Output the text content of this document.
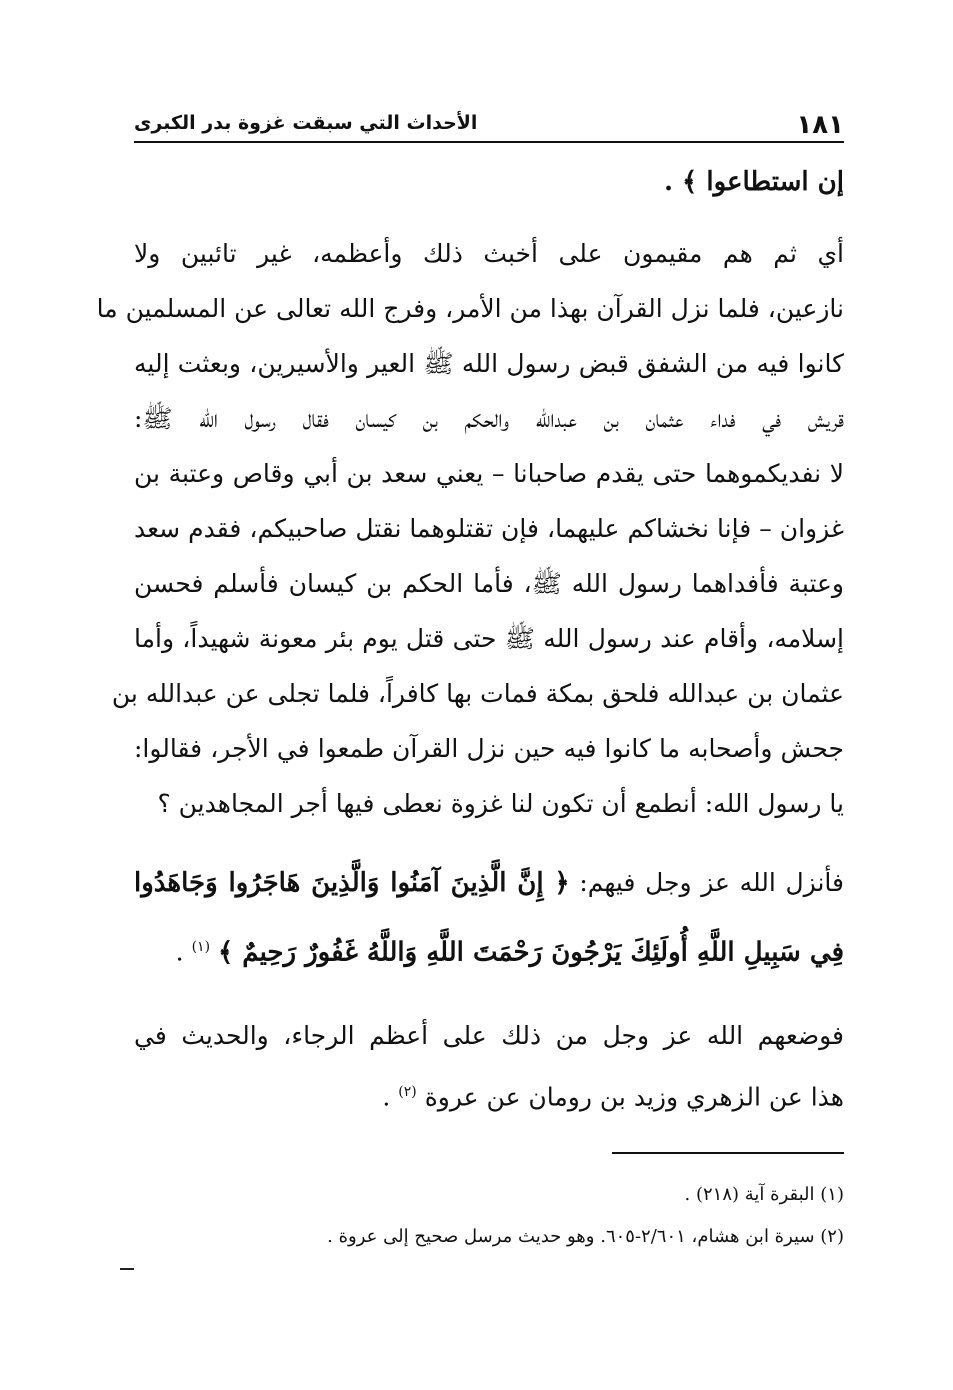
١٨١
الأحداث التي سبقت غزوة بدر الكبرى
إن استطاعوا ﴾ .
أي ثم هم مقيمون على أخبث ذلك وأعظمه، غير تائبين ولا
نازعين، فلما نزل القرآن بهذا من الأمر، وفرج الله تعالى عن المسلمين ما
كانوا فيه من الشفق قبض رسول الله ﷺ العير والأسيرين، وبعثت إليه
قريش في فداء عثمان بن عبدالله والحكم بن كيسان فقال رسول الله ﷺ:
لا نفديكموهما حتى يقدم صاحبانا – يعني سعد بن أبي وقاص وعتبة بن
غزوان – فإنا نخشاكم عليهما، فإن تقتلوهما نقتل صاحبيكم، فقدم سعد
وعتبة فأفداهما رسول الله ﷺ، فأما الحكم بن كيسان فأسلم فحسن
إسلامه، وأقام عند رسول الله ﷺ حتى قتل يوم بئر معونة شهيداً، وأما
عثمان بن عبدالله فلحق بمكة فمات بها كافراً، فلما تجلى عن عبدالله بن
جحش وأصحابه ما كانوا فيه حين نزل القرآن طمعوا في الأجر، فقالوا:
يا رسول الله: أنطمع أن تكون لنا غزوة نعطى فيها أجر المجاهدين ؟
فأنزل الله عز وجل فيهم: ﴿ إِنَّ الَّذِينَ آمَنُوا وَالَّذِينَ هَاجَرُوا وَجَاهَدُوا
فِي سَبِيلِ اللَّهِ أُولَئِكَ يَرْجُونَ رَحْمَتَ اللَّهِ وَاللَّهُ غَفُورٌ رَحِيمٌ ﴾ $^{(١)}$ .
فوضعهم الله عز وجل من ذلك على أعظم الرجاء، والحديث في
هذا عن الزهري وزيد بن رومان عن عروة $^{(٢)}$ .
(١) البقرة آية (٢١٨) .
(٢) سيرة ابن هشام، ٢/٦٠١-٦٠٥. وهو حديث مرسل صحيح إلى عروة .
